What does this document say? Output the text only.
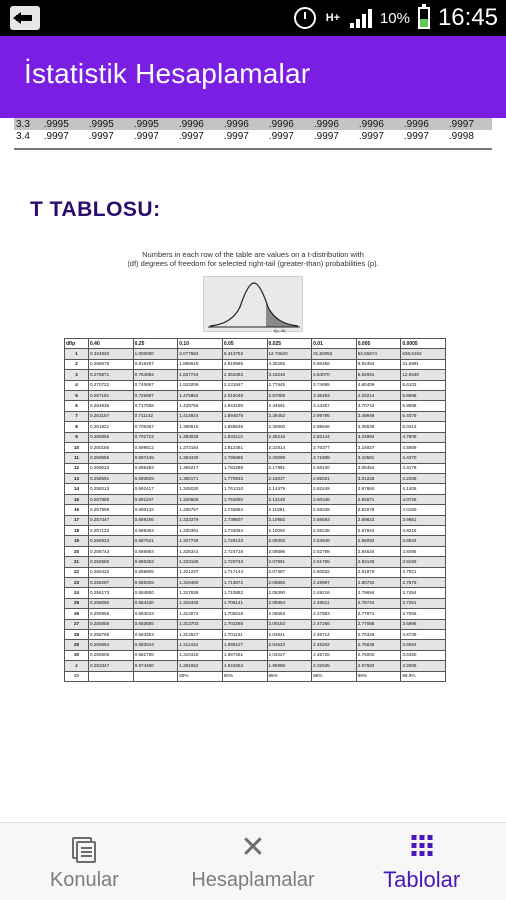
H+	10% 16:45
İstatistik Hesaplamalar
3.3	.9995	.9995	.9995	.9996	.9996	.9996	.9996	.9996	.9996	.9997
3.4	.9997	.9997	.9997	.9997	.9997	.9997	.9997	.9997	.9997	.9998
T TABLOSU:
Numbers in each row of the table are values on a t-distribution with
(df) degrees of freedom for selected right-tail (greater-than) probabilities (p).
t(p, df)
df/p	0.40	0.25	0.10	0.05	0.025	0.01	0.005	0.0005
1	0.324920	1.000000	3.077684	6.313752	12.70620	31.82052	63.65674	636.6192
2	0.288675	0.816497	1.885618	2.919986	4.30265	6.96456	9.92484	31.5991
3	0.276671	0.764892	1.637744	2.353363	3.18245	4.54070	5.84091	12.9240
4	0.270722	0.740697	1.533206	2.131847	2.77645	3.74695	4.60409	8.6103
5	0.267181	0.726687	1.475884	2.015048	2.57058	3.36493	4.03214	6.8688
6	0.264835	0.717558	1.439756	1.943180	2.44691	3.14267	3.70743	5.9588
7	0.263167	0.711142	1.414924	1.894579	2.36462	2.99795	3.49948	5.4079
8	0.261921	0.706387	1.396815	1.859548	2.30600	2.89646	3.35539	5.0413
9	0.260955	0.702722	1.383029	1.833113	2.26216	2.82144	3.24984	4.7809
10	0.260185	0.699812	1.372184	1.812461	2.22814	2.76377	3.16927	4.5869
11	0.259556	0.697445	1.363430	1.795885	2.20099	2.71808	3.10581	4.4370
12	0.259033	0.695483	1.356217	1.782288	2.17881	2.68100	3.05454	4.3178
13	0.258591	0.693829	1.350171	1.770933	2.16037	2.65031	3.01228	4.2208
14	0.258213	0.692417	1.345030	1.761310	2.14479	2.62449	2.97684	4.1405
15	0.257885	0.691197	1.340606	1.753050	2.13145	2.60248	2.94671	4.0728
16	0.257599	0.690132	1.336757	1.745884	2.11991	2.58349	2.92078	4.0150
17	0.257347	0.689195	1.333379	1.739607	2.10982	2.56693	2.89823	3.9651
18	0.257123	0.688364	1.330391	1.734064	2.10092	2.55238	2.87844	3.9216
19	0.256923	0.687621	1.327728	1.729133	2.09302	2.53948	2.86093	3.8834
20	0.256743	0.686954	1.325341	1.724718	2.08596	2.52798	2.84534	3.8495
21	0.256580	0.686352	1.323188	1.720743	2.07961	2.51765	2.83136	3.8193
22	0.256432	0.685805	1.321237	1.717144	2.07387	2.50832	2.81876	3.7921
23	0.256297	0.685306	1.319460	1.713872	2.06866	2.49987	2.80734	3.7676
24	0.256173	0.684850	1.317836	1.710882	2.06390	2.49216	2.79694	3.7454
25	0.256060	0.684430	1.316345	1.708141	2.05954	2.48511	2.78744	3.7251
26	0.255955	0.684043	1.314972	1.705618	2.05553	2.47863	2.77871	3.7066
27	0.255858	0.683685	1.313703	1.703288	2.05183	2.47266	2.77068	3.6896
28	0.255768	0.683353	1.312527	1.701131	2.04841	2.46714	2.76326	3.6739
29	0.255684	0.683044	1.311434	1.699127	2.04523	2.46202	2.75639	3.6594
30	0.255605	0.682756	1.310415	1.697261	2.04227	2.45726	2.75000	3.6460
z	0.253347	0.674490	1.281552	1.644854	1.95996	2.32635	2.57583	3.2905
CI			80%	90%	95%	98%	99%	99.9%
Konular
✕
Hesaplamalar	Tablolar
